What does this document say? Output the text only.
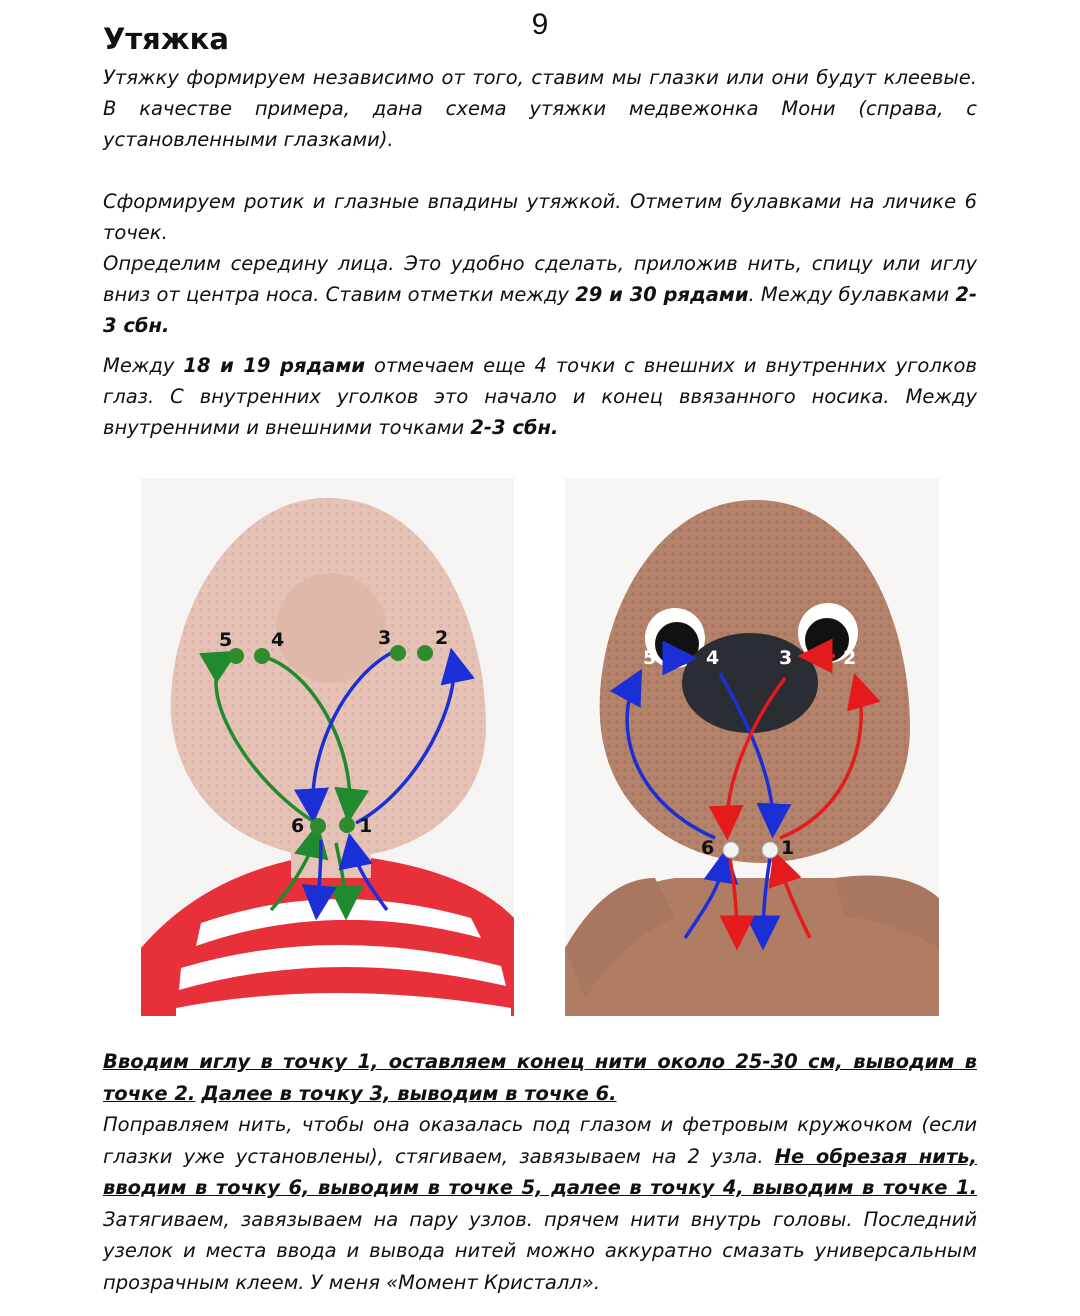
9
Утяжка

Утяжку формируем независимо от того, ставим мы глазки или они будут клеевые. В качестве примера, дана схема утяжки медвежонка Мони (справа, с установленными глазками).

Сформируем ротик и глазные впадины утяжкой. Отметим булавками на личике 6 точек.

Определим середину лица. Это удобно сделать, приложив нить, спицу или иглу вниз от центра носа. Ставим отметки между 29 и 30 рядами. Между булавками 2-3 сбн.

Между 18 и 19 рядами отмечаем еще 4 точки с внешних и внутренних уголков глаз. С внутренних уголков это начало и конец ввязанного носика. Между внутренними и внешними точками 2-3 сбн.

5 4	3 2
6	1
5	4	3	2
6	1

Вводим иглу в точку 1, оставляем конец нити около 25-30 см, выводим в точке 2. Далее в точку 3, выводим в точке 6.
Поправляем нить, чтобы она оказалась под глазом и фетровым кружочком (если глазки уже установлены), стягиваем, завязываем на 2 узла. Не обрезая нить, вводим в точку 6, выводим в точке 5, далее в точку 4, выводим в точке 1. Затягиваем, завязываем на пару узлов. прячем нити внутрь головы. Последний узелок и места ввода и вывода нитей можно аккуратно смазать универсальным прозрачным клеем. У меня «Момент Кристалл».
